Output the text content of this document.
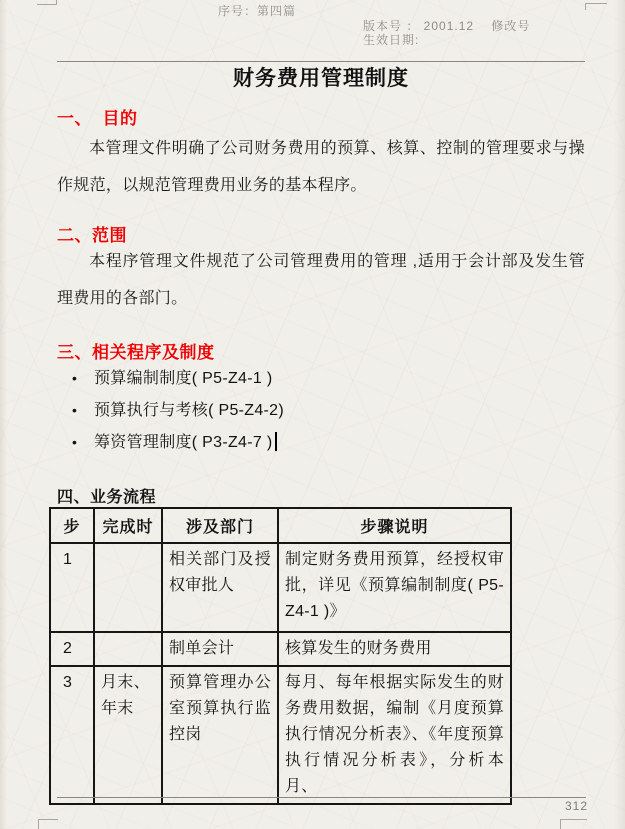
序号：第四篇
版本号 ： 2001.12    修改号
生效日期:
财务费用管理制度
一、  目的
本管理文件明确了公司财务费用的预算、核算、控制的管理要求与操作规范，以规范管理费用业务的基本程序。
二、范围
本程序管理文件规范了公司管理费用的管理 ,适用于会计部及发生管理费用的各部门。
三、相关程序及制度
• 预算编制制度( P5-Z4-1 )
• 预算执行与考核( P5-Z4-2)
• 筹资管理制度( P3-Z4-7 )
四、业务流程
步	完成时	涉及部门	步骤说明
1		相关部门及授权审批人	制定财务费用预算，经授权审批，详见《预算编制制度( P5-Z4-1 )》
2		制单会计	核算发生的财务费用
3	月末、年末	预算管理办公室预算执行监控岗	每月、每年根据实际发生的财务费用数据，编制《月度预算执行情况分析表》、《年度预算执行情况分析表》，分析本月、
312
